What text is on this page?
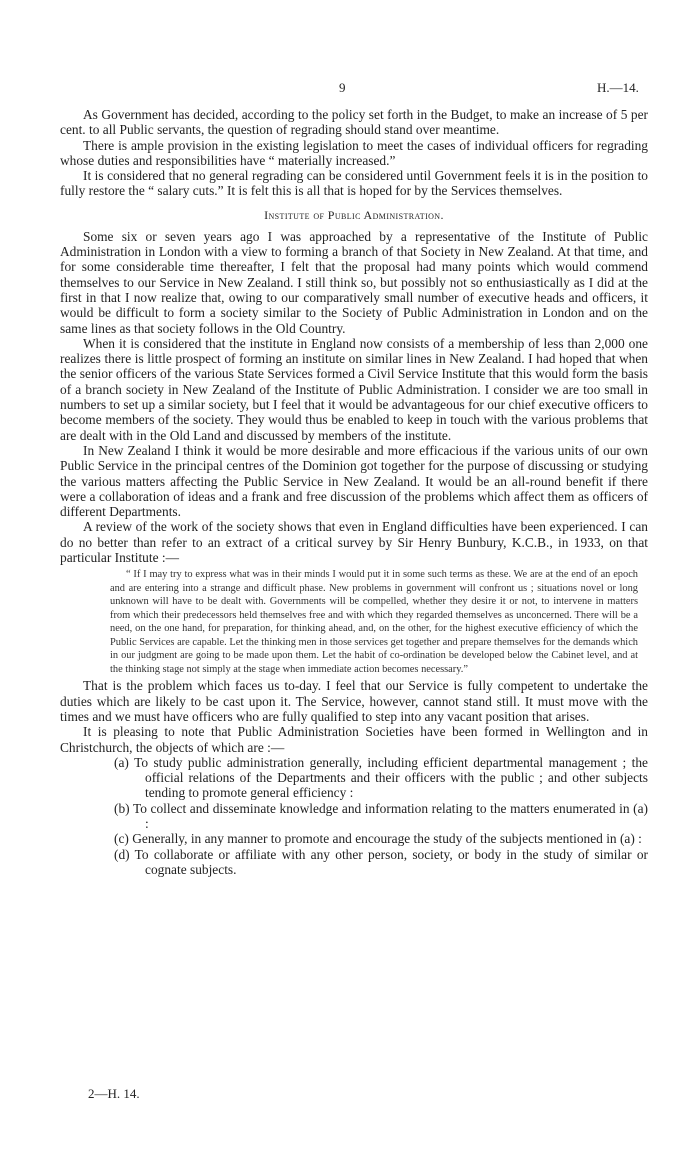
9	H.—14.

As Government has decided, according to the policy set forth in the Budget, to make an increase of 5 per cent. to all Public servants, the question of regrading should stand over meantime.

There is ample provision in the existing legislation to meet the cases of individual officers for regrading whose duties and responsibilities have “ materially increased.”

It is considered that no general regrading can be considered until Government feels it is in the position to fully restore the “ salary cuts.” It is felt this is all that is hoped for by the Services themselves.

Institute of Public Administration.

Some six or seven years ago I was approached by a representative of the Institute of Public Administration in London with a view to forming a branch of that Society in New Zealand. At that time, and for some considerable time thereafter, I felt that the proposal had many points which would commend themselves to our Service in New Zealand. I still think so, but possibly not so enthusiastically as I did at the first in that I now realize that, owing to our comparatively small number of executive heads and officers, it would be difficult to form a society similar to the Society of Public Administration in London and on the same lines as that society follows in the Old Country.

When it is considered that the institute in England now consists of a membership of less than 2,000 one realizes there is little prospect of forming an institute on similar lines in New Zealand. I had hoped that when the senior officers of the various State Services formed a Civil Service Institute that this would form the basis of a branch society in New Zealand of the Institute of Public Administration. I consider we are too small in numbers to set up a similar society, but I feel that it would be advantageous for our chief executive officers to become members of the society. They would thus be enabled to keep in touch with the various problems that are dealt with in the Old Land and discussed by members of the institute.

In New Zealand I think it would be more desirable and more efficacious if the various units of our own Public Service in the principal centres of the Dominion got together for the purpose of discussing or studying the various matters affecting the Public Service in New Zealand. It would be an all-round benefit if there were a collaboration of ideas and a frank and free discussion of the problems which affect them as officers of different Departments.

A review of the work of the society shows that even in England difficulties have been experienced. I can do no better than refer to an extract of a critical survey by Sir Henry Bunbury, K.C.B., in 1933, on that particular Institute :—

“ If I may try to express what was in their minds I would put it in some such terms as these. We are at the end of an epoch and are entering into a strange and difficult phase. New problems in government will confront us ; situations novel or long unknown will have to be dealt with. Governments will be compelled, whether they desire it or not, to intervene in matters from which their predecessors held themselves free and with which they regarded themselves as unconcerned. There will be a need, on the one hand, for preparation, for thinking ahead, and, on the other, for the highest executive efficiency of which the Public Services are capable. Let the thinking men in those services get together and prepare themselves for the demands which in our judgment are going to be made upon them. Let the habit of co-ordination be developed below the Cabinet level, and at the thinking stage not simply at the stage when immediate action becomes necessary.”

That is the problem which faces us to-day. I feel that our Service is fully competent to undertake the duties which are likely to be cast upon it. The Service, however, cannot stand still. It must move with the times and we must have officers who are fully qualified to step into any vacant position that arises.

It is pleasing to note that Public Administration Societies have been formed in Wellington and in Christchurch, the objects of which are :—

(a) To study public administration generally, including efficient departmental management ; the official relations of the Departments and their officers with the public ; and other subjects tending to promote general efficiency :
(b) To collect and disseminate knowledge and information relating to the matters enumerated in (a) :
(c) Generally, in any manner to promote and encourage the study of the subjects mentioned in (a) :
(d) To collaborate or affiliate with any other person, society, or body in the study of similar or cognate subjects.
2—H. 14.
